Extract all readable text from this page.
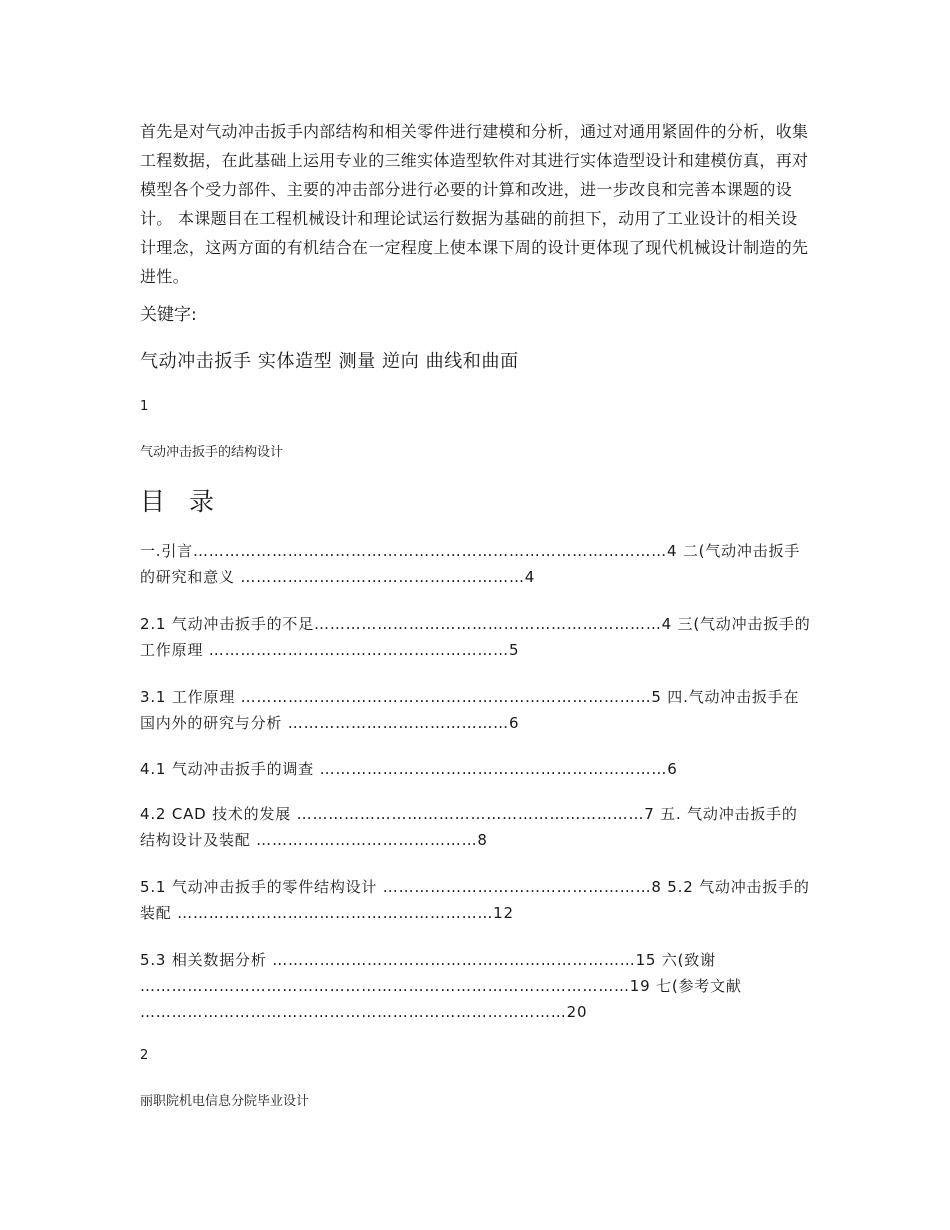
首先是对气动冲击扳手内部结构和相关零件进行建模和分析，通过对通用紧固件的分析，收集工程数据，在此基础上运用专业的三维实体造型软件对其进行实体造型设计和建模仿真，再对模型各个受力部件、主要的冲击部分进行必要的计算和改进，进一步改良和完善本课题的设计。 本课题目在工程机械设计和理论试运行数据为基础的前担下，动用了工业设计的相关设计理念，这两方面的有机结合在一定程度上使本课下周的设计更体现了现代机械设计制造的先进性。

关键字:

气动冲击扳手 实体造型 测量 逆向 曲线和曲面

1

气动冲击扳手的结构设计

目 录

一.引言………………………………………………………………………………4 二(气动冲击扳手的研究和意义 ………………………………………………4

2.1 气动冲击扳手的不足…………………………………………………………4 三(气动冲击扳手的工作原理 …………………………………………………5

3.1 工作原理 ……………………………………………………………………5 四.气动冲击扳手在国内外的研究与分析 ……………………………………6

4.1 气动冲击扳手的调查 …………………………………………………………6

4.2 CAD 技术的发展 …………………………………………………………7 五. 气动冲击扳手的结构设计及装配 ……………………………………8

5.1 气动冲击扳手的零件结构设计 ……………………………………………8 5.2 气动冲击扳手的装配 ……………………………………………………12

5.3 相关数据分析 ……………………………………………………………15 六(致谢 …………………………………………………………………………………19 七(参考文献 ………………………………………………………………………20

2

丽职院机电信息分院毕业设计
